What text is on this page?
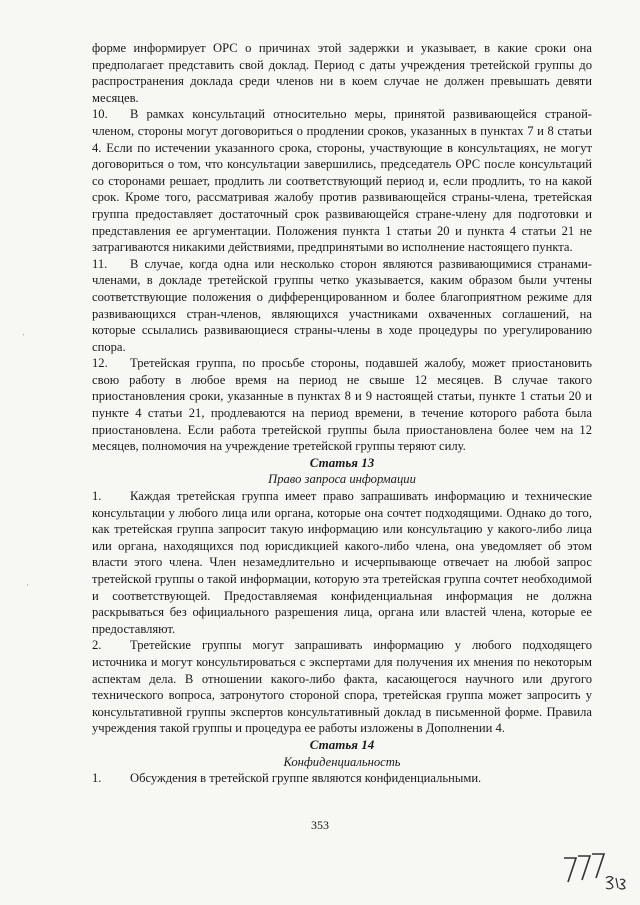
форме информирует ОРС о причинах этой задержки и указывает, в какие сроки она предполагает представить свой доклад. Период с даты учреждения третейской группы до распространения доклада среди членов ни в коем случае не должен превышать девяти месяцев.

10. В рамках консультаций относительно меры, принятой развивающейся страной-членом, стороны могут договориться о продлении сроков, указанных в пунктах 7 и 8 статьи 4. Если по истечении указанного срока, стороны, участвующие в консультациях, не могут договориться о том, что консультации завершились, председатель ОРС после консультаций со сторонами решает, продлить ли соответствующий период и, если продлить, то на какой срок. Кроме того, рассматривая жалобу против развивающейся страны-члена, третейская группа предоставляет достаточный срок развивающейся стране-члену для подготовки и представления ее аргументации. Положения пункта 1 статьи 20 и пункта 4 статьи 21 не затрагиваются никакими действиями, предпринятыми во исполнение настоящего пункта.

11. В случае, когда одна или несколько сторон являются развивающимися странами-членами, в докладе третейской группы четко указывается, каким образом были учтены соответствующие положения о дифференцированном и более благоприятном режиме для развивающихся стран-членов, являющихся участниками охваченных соглашений, на которые ссылались развивающиеся страны-члены в ходе процедуры по урегулированию спора.

12. Третейская группа, по просьбе стороны, подавшей жалобу, может приостановить свою работу в любое время на период не свыше 12 месяцев. В случае такого приостановления сроки, указанные в пунктах 8 и 9 настоящей статьи, пункте 1 статьи 20 и пункте 4 статьи 21, продлеваются на период времени, в течение которого работа была приостановлена. Если работа третейской группы была приостановлена более чем на 12 месяцев, полномочия на учреждение третейской группы теряют силу.

Статья 13

Право запроса информации

1. Каждая третейская группа имеет право запрашивать информацию и техническиe консультации у любого лица или органа, которые она сочтет подходящими. Однако до того, как третейская группа запросит такую информацию или консультацию у какого-либо лица или органа, находящихся под юрисдикцией какого-либо члена, она уведомляет об этом власти этого члена. Член незамедлительно и исчерпывающе отвечает на любой запрос третейской группы о такой информации, которую эта третейская группа сочтет необходимой и соответствующей. Предоставляемая конфиденциальная информация не должна раскрываться без официального разрешения лица, органа или властей члена, которые ее предоставляют.

2. Третейские группы могут запрашивать информацию у любого подходящего источника и могут консультироваться с экспертами для получения их мнения по некоторым аспектам дела. В отношении какого-либо факта, касающегося научного или другого технического вопроса, затронутого стороной спора, третейская группа может запросить у консультативной группы экспертов консультативный доклад в письменной форме. Правила учреждения такой группы и процедура ее работы изложены в Дополнении 4.

Статья 14

Конфиденциальность

1. Обсуждения в третейской группе являются конфиденциальными.

353
ˌ
ˌ
